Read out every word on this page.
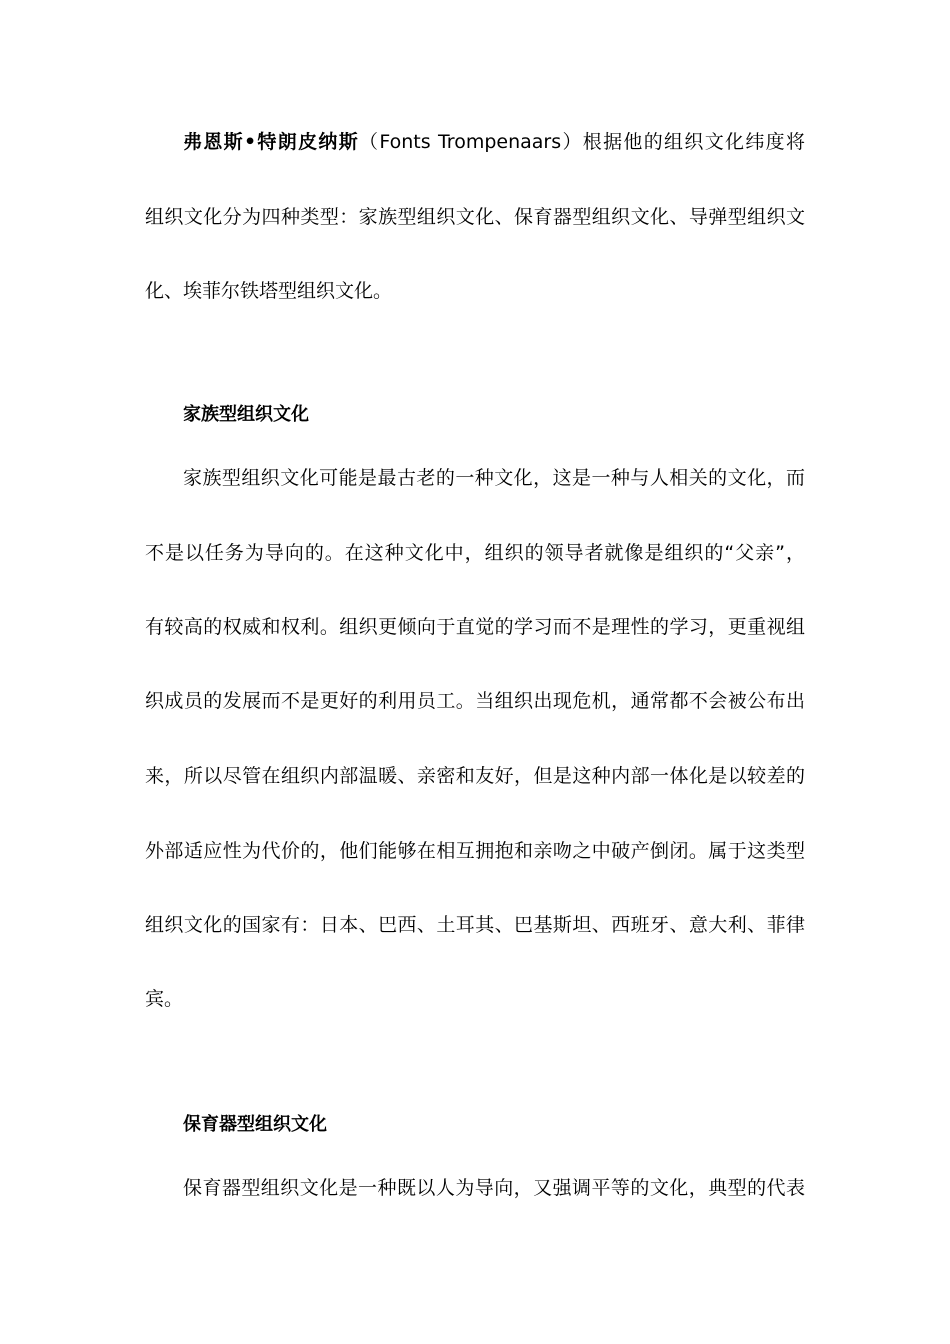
弗恩斯•特朗皮纳斯（Fonts Trompenaars）根据他的组织文化纬度将
组织文化分为四种类型：家族型组织文化、保育器型组织文化、导弹型组织文
化、埃菲尔铁塔型组织文化。
家族型组织文化
家族型组织文化可能是最古老的一种文化，这是一种与人相关的文化，而
不是以任务为导向的。在这种文化中，组织的领导者就像是组织的“父亲”，
有较高的权威和权利。组织更倾向于直觉的学习而不是理性的学习，更重视组
织成员的发展而不是更好的利用员工。当组织出现危机，通常都不会被公布出
来，所以尽管在组织内部温暖、亲密和友好，但是这种内部一体化是以较差的
外部适应性为代价的，他们能够在相互拥抱和亲吻之中破产倒闭。属于这类型
组织文化的国家有：日本、巴西、土耳其、巴基斯坦、西班牙、意大利、菲律
宾。
保育器型组织文化
保育器型组织文化是一种既以人为导向，又强调平等的文化，典型的代表
